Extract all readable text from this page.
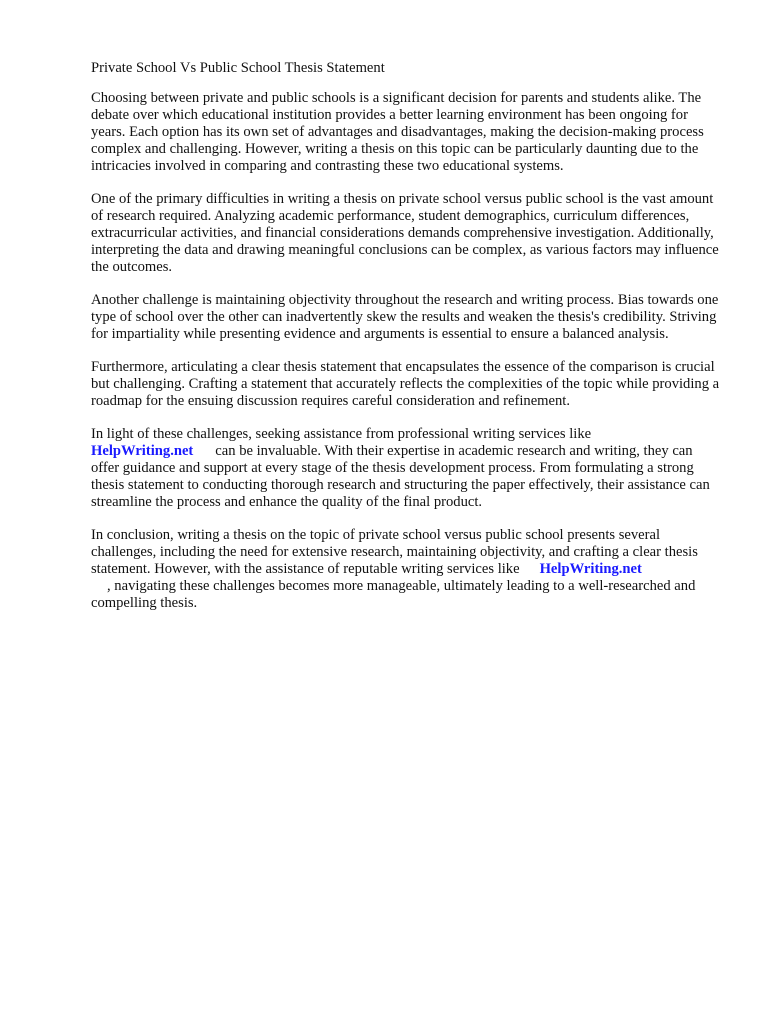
Private School Vs Public School Thesis Statement

Choosing between private and public schools is a significant decision for parents and students alike. The debate over which educational institution provides a better learning environment has been ongoing for years. Each option has its own set of advantages and disadvantages, making the decision-making process complex and challenging. However, writing a thesis on this topic can be particularly daunting due to the intricacies involved in comparing and contrasting these two educational systems.

One of the primary difficulties in writing a thesis on private school versus public school is the vast amount of research required. Analyzing academic performance, student demographics, curriculum differences, extracurricular activities, and financial considerations demands comprehensive investigation. Additionally, interpreting the data and drawing meaningful conclusions can be complex, as various factors may influence the outcomes.

Another challenge is maintaining objectivity throughout the research and writing process. Bias towards one type of school over the other can inadvertently skew the results and weaken the thesis's credibility. Striving for impartiality while presenting evidence and arguments is essential to ensure a balanced analysis.

Furthermore, articulating a clear thesis statement that encapsulates the essence of the comparison is crucial but challenging. Crafting a statement that accurately reflects the complexities of the topic while providing a roadmap for the ensuing discussion requires careful consideration and refinement.

In light of these challenges, seeking assistance from professional writing services like
HelpWriting.net can be invaluable. With their expertise in academic research and writing, they can offer guidance and support at every stage of the thesis development process. From formulating a strong thesis statement to conducting thorough research and structuring the paper effectively, their assistance can streamline the process and enhance the quality of the final product.

In conclusion, writing a thesis on the topic of private school versus public school presents several challenges, including the need for extensive research, maintaining objectivity, and crafting a clear thesis statement. However, with the assistance of reputable writing services like HelpWriting.net
, navigating these challenges becomes more manageable, ultimately leading to a well-researched and compelling thesis.
